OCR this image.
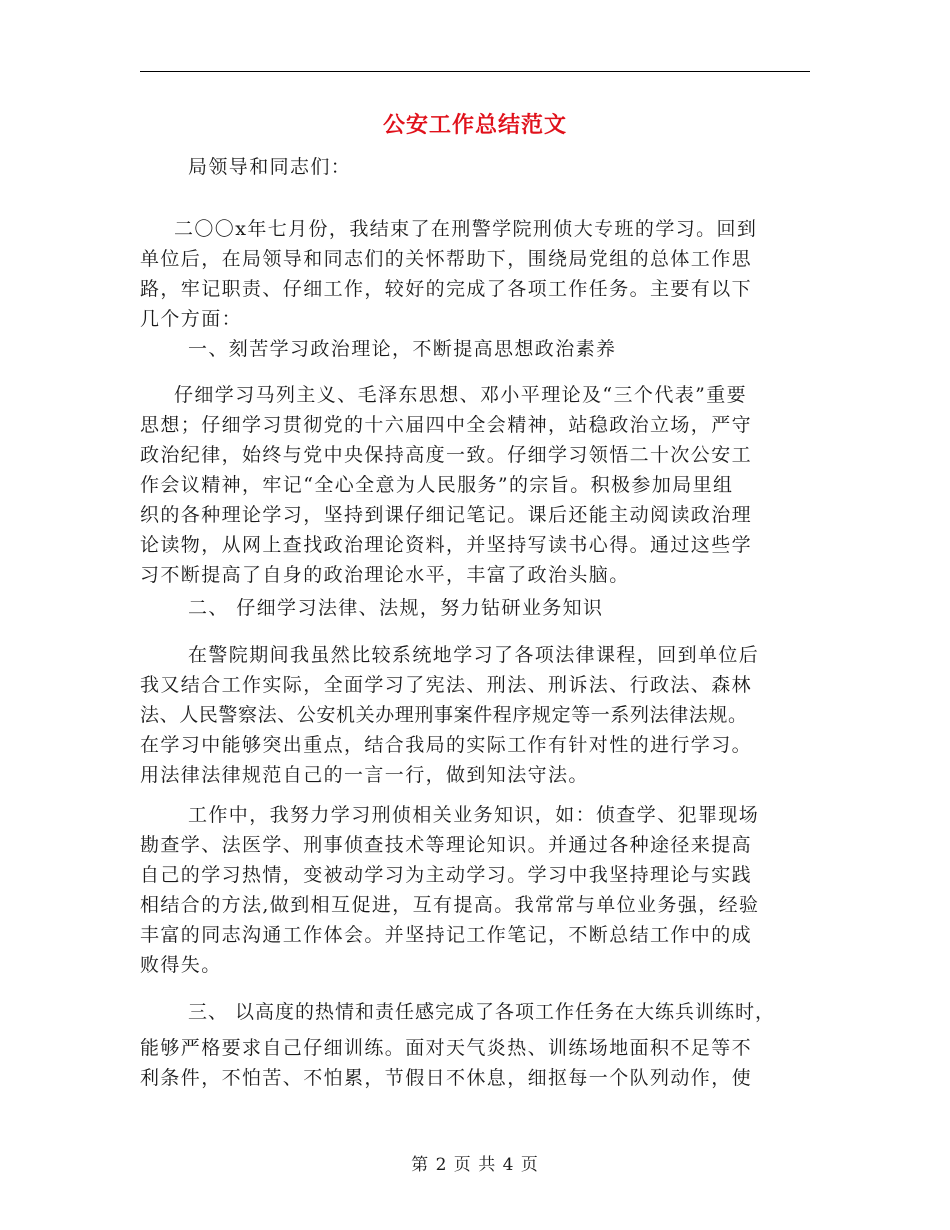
公安工作总结范文
局领导和同志们：
二〇〇x年七月份，我结束了在刑警学院刑侦大专班的学习。回到
单位后，在局领导和同志们的关怀帮助下，围绕局党组的总体工作思
路，牢记职责、仔细工作，较好的完成了各项工作任务。主要有以下
几个方面：
一、刻苦学习政治理论，不断提高思想政治素养
仔细学习马列主义、毛泽东思想、邓小平理论及“三个代表”重要
思想；仔细学习贯彻党的十六届四中全会精神，站稳政治立场，严守
政治纪律，始终与党中央保持高度一致。仔细学习领悟二十次公安工
作会议精神，牢记“全心全意为人民服务”的宗旨。积极参加局里组
织的各种理论学习，坚持到课仔细记笔记。课后还能主动阅读政治理
论读物，从网上查找政治理论资料，并坚持写读书心得。通过这些学
习不断提高了自身的政治理论水平，丰富了政治头脑。
二、 仔细学习法律、法规，努力钻研业务知识
在警院期间我虽然比较系统地学习了各项法律课程，回到单位后
我又结合工作实际，全面学习了宪法、刑法、刑诉法、行政法、森林
法、人民警察法、公安机关办理刑事案件程序规定等一系列法律法规。
在学习中能够突出重点，结合我局的实际工作有针对性的进行学习。
用法律法律规范自己的一言一行，做到知法守法。
工作中，我努力学习刑侦相关业务知识，如：侦查学、犯罪现场
勘查学、法医学、刑事侦查技术等理论知识。并通过各种途径来提高
自己的学习热情，变被动学习为主动学习。学习中我坚持理论与实践
相结合的方法,做到相互促进，互有提高。我常常与单位业务强，经验
丰富的同志沟通工作体会。并坚持记工作笔记，不断总结工作中的成
败得失。
三、 以高度的热情和责任感完成了各项工作任务在大练兵训练时，
能够严格要求自己仔细训练。面对天气炎热、训练场地面积不足等不
利条件，不怕苦、不怕累，节假日不休息，细抠每一个队列动作，使
第 2 页 共 4 页
